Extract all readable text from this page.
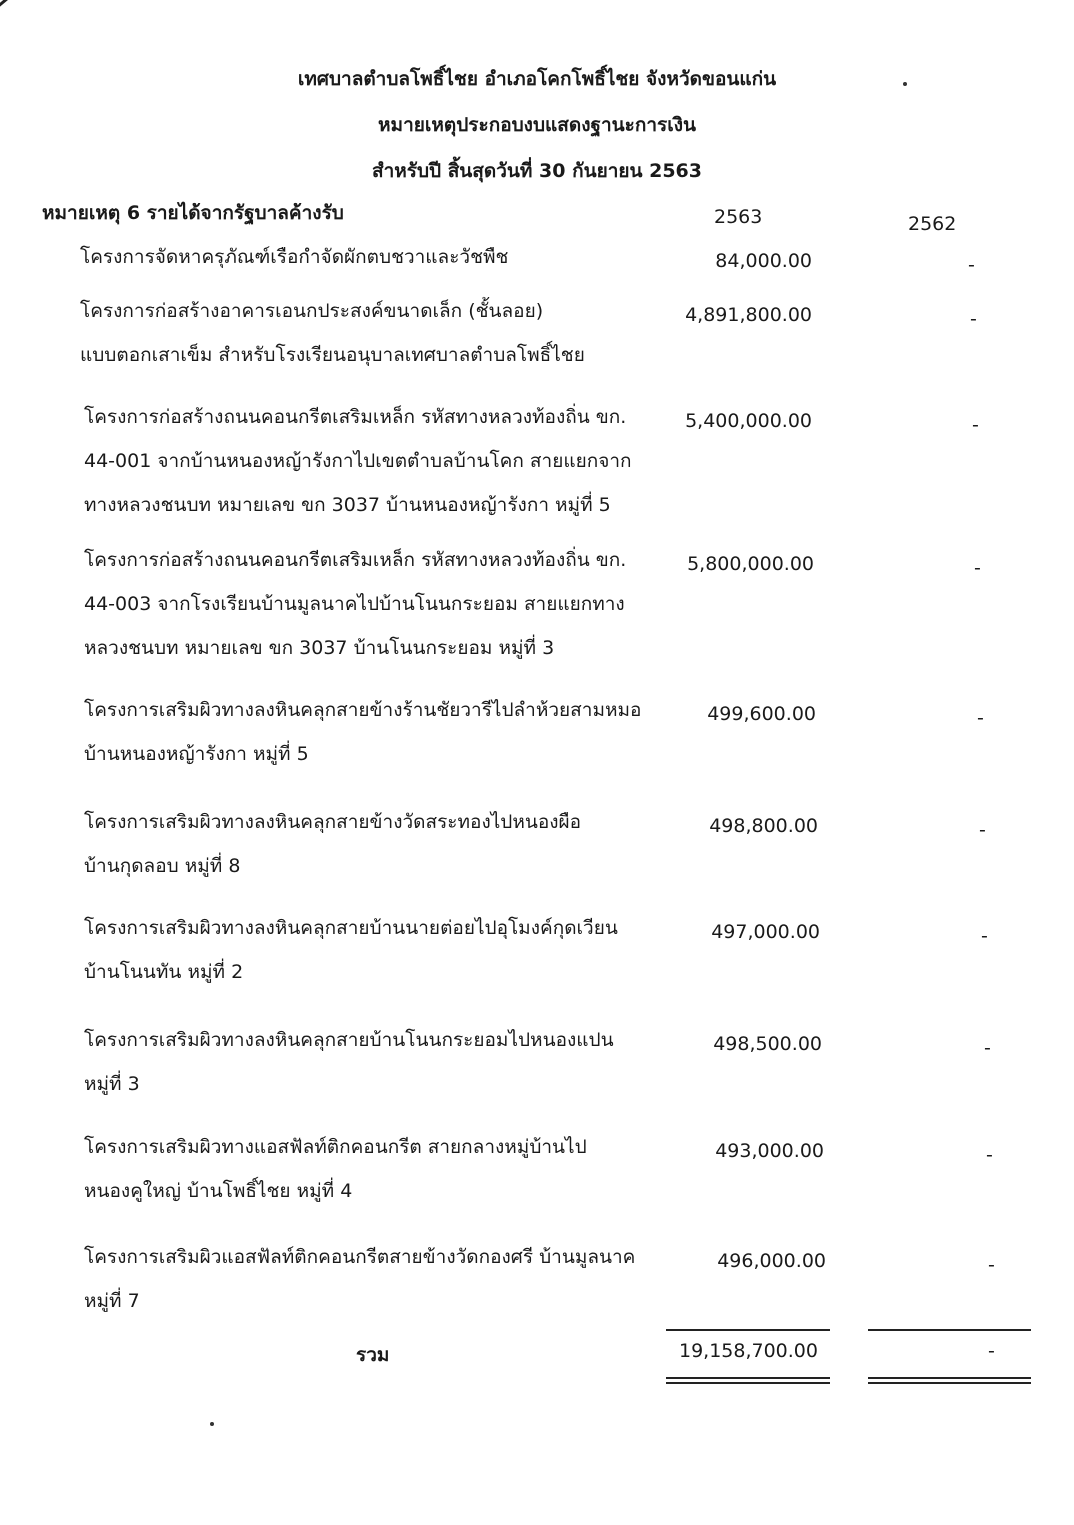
เทศบาลตำบลโพธิ์ไชย อำเภอโคกโพธิ์ไชย จังหวัดขอนแก่น
หมายเหตุประกอบงบแสดงฐานะการเงิน
สำหรับปี สิ้นสุดวันที่ 30 กันยายน 2563
หมายเหตุ 6 รายได้จากรัฐบาลค้างรับ	2563	2562
โครงการจัดหาครุภัณฑ์เรือกำจัดผักตบชวาและวัชพืช	84,000.00	-
โครงการก่อสร้างอาคารเอนกประสงค์ขนาดเล็ก (ชั้นลอย)
แบบตอกเสาเข็ม สำหรับโรงเรียนอนุบาลเทศบาลตำบลโพธิ์ไชย
4,891,800.00	-
โครงการก่อสร้างถนนคอนกรีตเสริมเหล็ก รหัสทางหลวงท้องถิ่น ขก.
44-001 จากบ้านหนองหญ้ารังกาไปเขตตำบลบ้านโคก สายแยกจาก
ทางหลวงชนบท หมายเลข ขก 3037 บ้านหนองหญ้ารังกา หมู่ที่ 5
5,400,000.00	-
โครงการก่อสร้างถนนคอนกรีตเสริมเหล็ก รหัสทางหลวงท้องถิ่น ขก.
44-003 จากโรงเรียนบ้านมูลนาคไปบ้านโนนกระยอม สายแยกทาง
หลวงชนบท หมายเลข ขก 3037 บ้านโนนกระยอม หมู่ที่ 3
5,800,000.00	-
โครงการเสริมผิวทางลงหินคลุกสายข้างร้านชัยวารีไปลำห้วยสามหมอ
บ้านหนองหญ้ารังกา หมู่ที่ 5
499,600.00	-
โครงการเสริมผิวทางลงหินคลุกสายข้างวัดสระทองไปหนองผือ
บ้านกุดลอบ หมู่ที่ 8
498,800.00	-
โครงการเสริมผิวทางลงหินคลุกสายบ้านนายต่อยไปอุโมงค์กุดเวียน
บ้านโนนทัน หมู่ที่ 2
497,000.00	-
โครงการเสริมผิวทางลงหินคลุกสายบ้านโนนกระยอมไปหนองแปน
หมู่ที่ 3
498,500.00	-
โครงการเสริมผิวทางแอสฟัลท์ติกคอนกรีต สายกลางหมู่บ้านไป
หนองคูใหญ่ บ้านโพธิ์ไชย หมู่ที่ 4
493,000.00	-
โครงการเสริมผิวแอสฟัลท์ติกคอนกรีตสายข้างวัดกองศรี บ้านมูลนาค
หมู่ที่ 7
496,000.00	-
รวม	19,158,700.00	-
